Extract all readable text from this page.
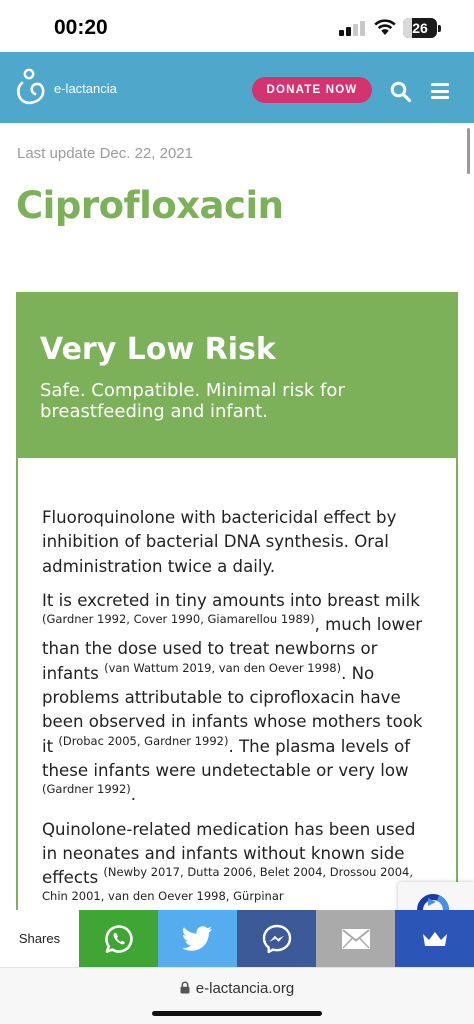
00:20	26
e-lactancia	DONATE NOW
Last update Dec. 22, 2021
Ciprofloxacin
Very Low Risk
Safe. Compatible. Minimal risk for breastfeeding and infant.

Fluoroquinolone with bactericidal effect by inhibition of bacterial DNA synthesis. Oral administration twice a daily.

It is excreted in tiny amounts into breast milk $^{(Gardner 1992, Cover 1990, Giamarellou 1989)}$, much lower than the dose used to treat newborns or infants $^{(van Wattum 2019, van den Oever 1998)}$. No problems attributable to ciprofloxacin have been observed in infants whose mothers took it $^{(Drobac 2005, Gardner 1992)}$. The plasma levels of these infants were undetectable or very low $^{(Gardner 1992)}$.

Quinolone-related medication has been used in neonates and infants without known side effects $^{(Newby 2017, Dutta 2006, Belet 2004, Drossou 2004, Chin 2001, van den Oever 1998, Gürpinar}$

Shares
e-lactancia.org
